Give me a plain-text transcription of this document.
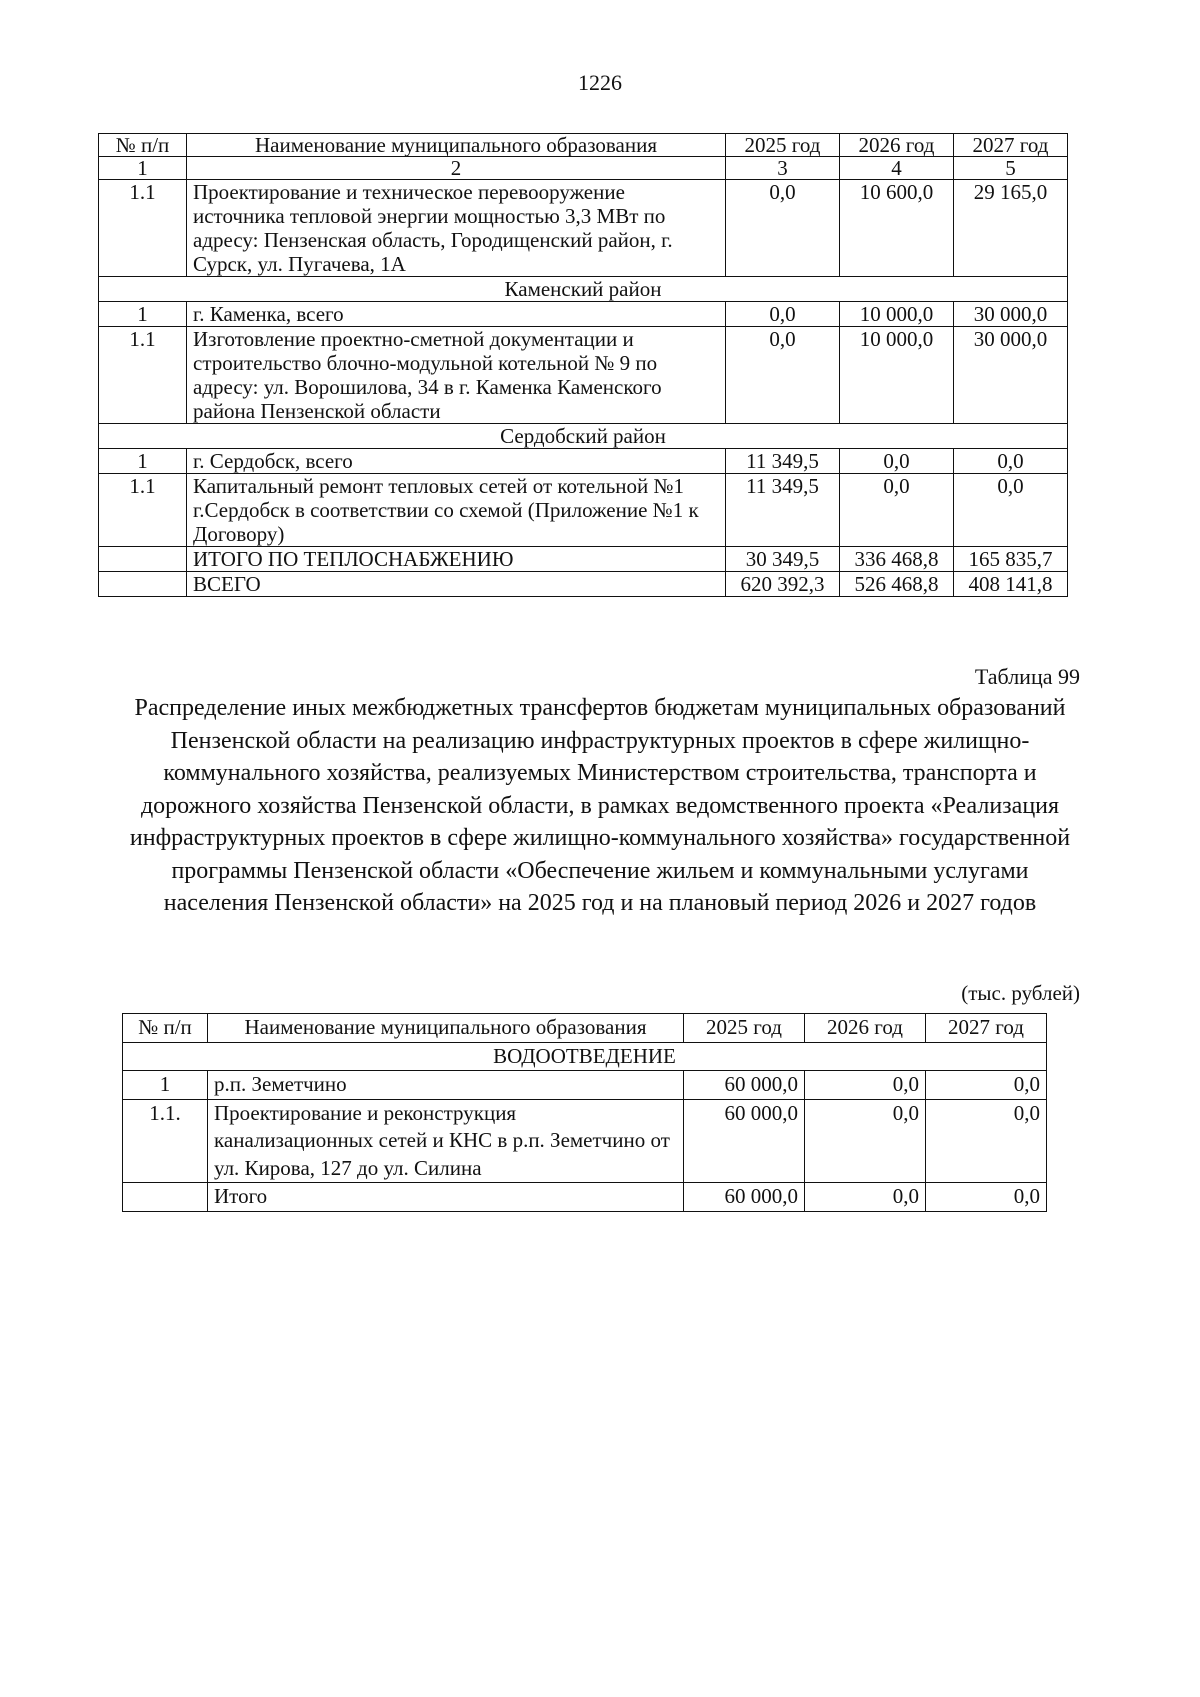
1226
№ п/п	Наименование муниципального образования	2025 год	2026 год	2027 год
1	2	3	4	5
1.1	Проектирование и техническое перевооружение источника тепловой энергии мощностью 3,3 МВт по адресу: Пензенская область, Городищенский район, г. Сурск, ул. Пугачева, 1А	0,0	10 600,0	29 165,0
Каменский район				
1	г. Каменка, всего	0,0	10 000,0	30 000,0
1.1	Изготовление проектно-сметной документации и строительство блочно-модульной котельной № 9 по адресу: ул. Ворошилова, 34 в г. Каменка Каменского района Пензенской области	0,0	10 000,0	30 000,0
Сердобский район				
1	г. Сердобск, всего	11 349,5	0,0	0,0
1.1	Капитальный ремонт тепловых сетей от котельной №1 г.Сердобск в соответствии со схемой (Приложение №1 к Договору)	11 349,5	0,0	0,0
	ИТОГО ПО ТЕПЛОСНАБЖЕНИЮ	30 349,5	336 468,8	165 835,7
	ВСЕГО	620 392,3	526 468,8	408 141,8
Таблица 99
Распределение иных межбюджетных трансфертов бюджетам муниципальных образований Пензенской области на реализацию инфраструктурных проектов в сфере жилищно-коммунального хозяйства, реализуемых Министерством строительства, транспорта и дорожного хозяйства Пензенской области, в рамках ведомственного проекта «Реализация инфраструктурных проектов в сфере жилищно-коммунального хозяйства» государственной программы Пензенской области «Обеспечение жильем и коммунальными услугами населения Пензенской области» на 2025 год и на плановый период 2026 и 2027 годов
(тыс. рублей)
№ п/п	Наименование муниципального образования	2025 год	2026 год	2027 год
ВОДООТВЕДЕНИЕ				
1	р.п. Земетчино	60 000,0	0,0	0,0
1.1.	Проектирование и реконструкция канализационных сетей и КНС в р.п. Земетчино от ул. Кирова, 127 до ул. Силина	60 000,0	0,0	0,0
	Итого	60 000,0	0,0	0,0
